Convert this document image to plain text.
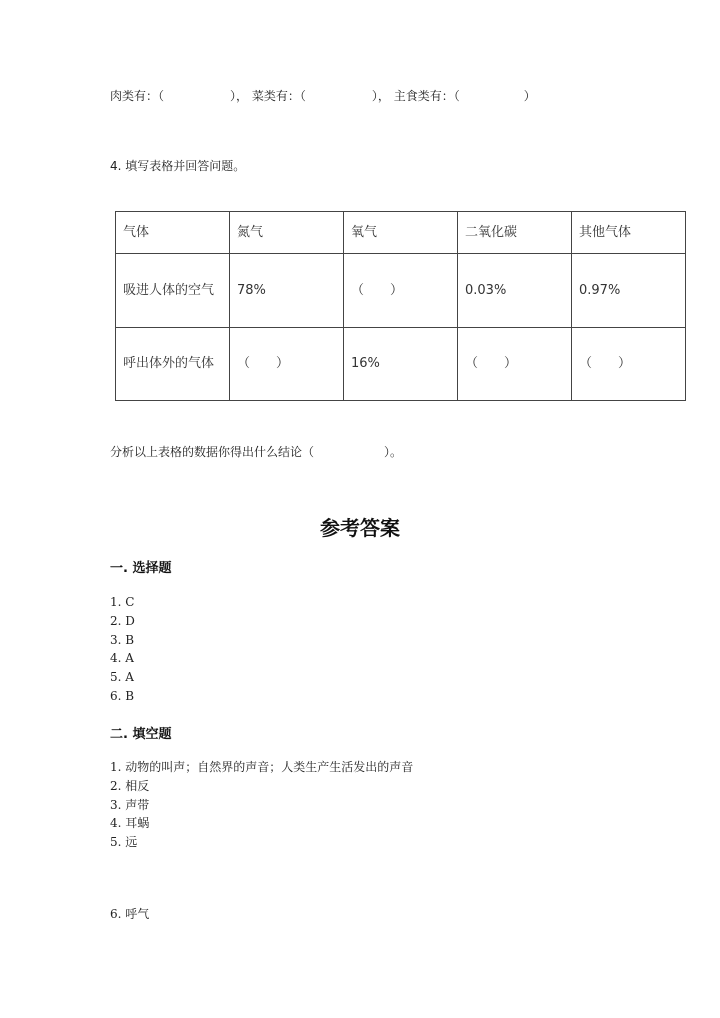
肉类有：（	）， 菜类有：（	）， 主食类有：（	）
4. 填写表格并回答问题。
气体	氮气	氧气	二氧化碳	其他气体
吸进人体的空气	78%	（　　）	0.03%	0.97%
呼出体外的气体	（　　）	16%	（　　）	（　　）
分析以上表格的数据你得出什么结论（	）。
参考答案
一. 选择题
1. C
2. D
3. B
4. A
5. A
6. B
二. 填空题
1. 动物的叫声；自然界的声音；人类生产生活发出的声音
2. 相反
3. 声带
4. 耳蜗
5. 远
6. 呼气
